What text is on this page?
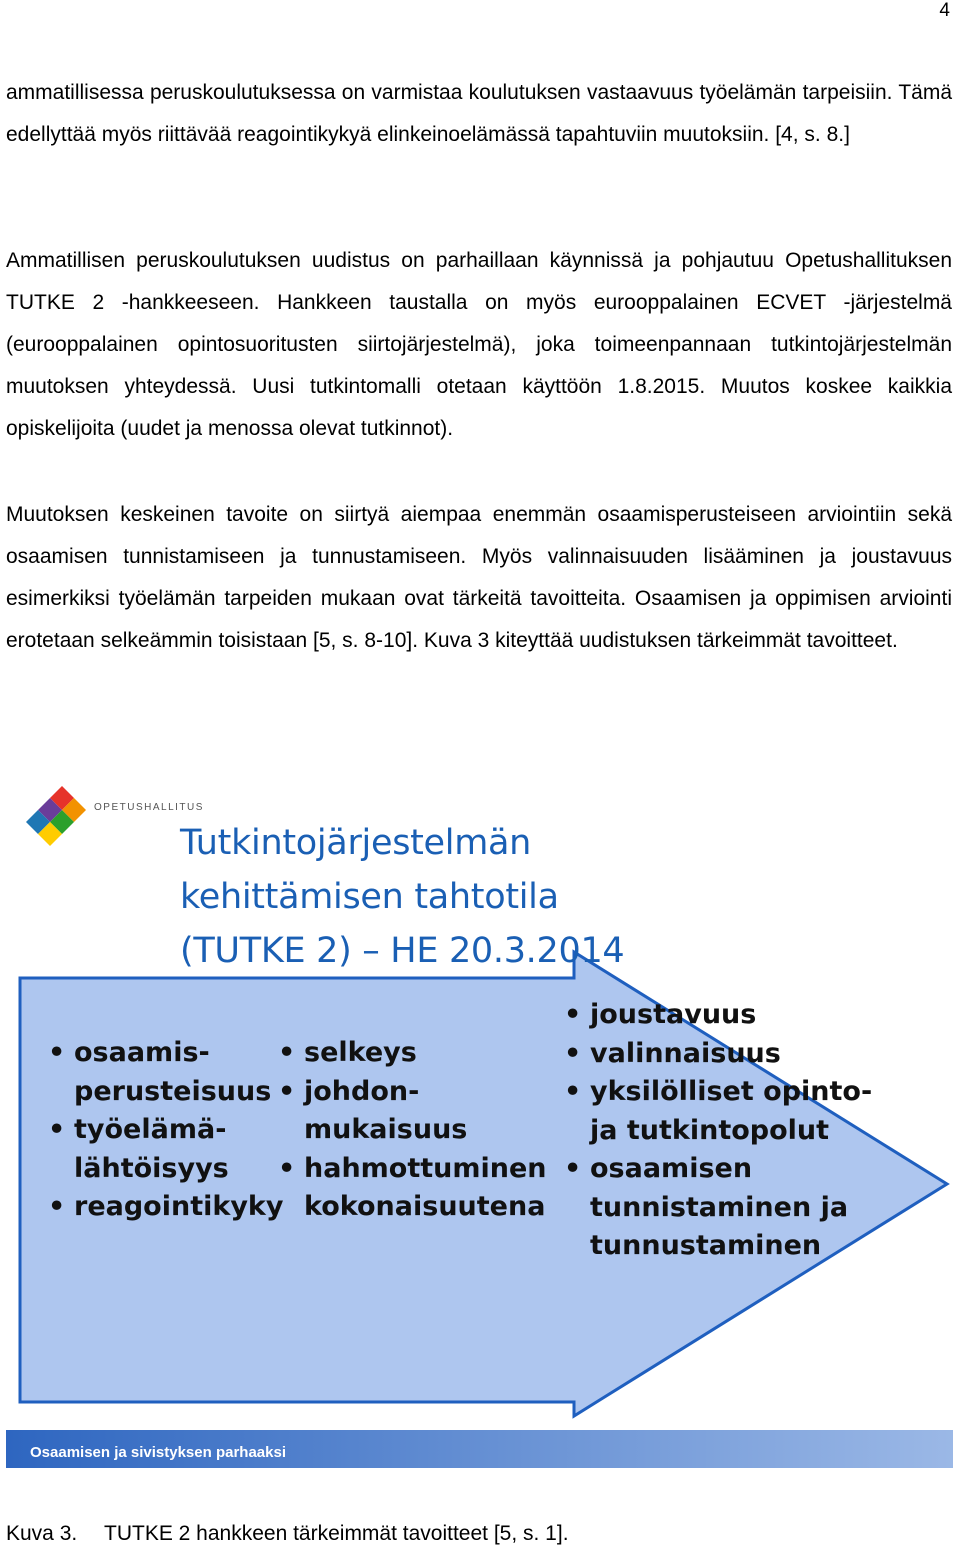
4

ammatillisessa peruskoulutuksessa on varmistaa koulutuksen vastaavuus työelämän tarpeisiin. Tämä edellyttää myös riittävää reagointikykyä elinkeinoelämässä tapahtuviin muutoksiin. [4, s. 8.]

Ammatillisen peruskoulutuksen uudistus on parhaillaan käynnissä ja pohjautuu Opetushallituksen TUTKE 2 -hankkeeseen. Hankkeen taustalla on myös eurooppalainen ECVET -järjestelmä (eurooppalainen opintosuoritusten siirtojärjestelmä), joka toimeenpannaan tutkintojärjestelmän muutoksen yhteydessä. Uusi tutkintomalli otetaan käyttöön 1.8.2015. Muutos koskee kaikkia opiskelijoita (uudet ja menossa olevat tutkinnot).

Muutoksen keskeinen tavoite on siirtyä aiempaa enemmän osaamisperusteiseen arviointiin sekä osaamisen tunnistamiseen ja tunnustamiseen. Myös valinnaisuuden lisääminen ja joustavuus esimerkiksi työelämän tarpeiden mukaan ovat tärkeitä tavoitteita. Osaamisen ja oppimisen arviointi erotetaan selkeämmin toisistaan [5, s. 8-10]. Kuva 3 kiteyttää uudistuksen tärkeimmät tavoitteet.

OPETUSHALLITUS
Tutkintojärjestelmän
kehittämisen tahtotila
(TUTKE 2) – HE 20.3.2014
• osaamis-
perusteisuus
• työelämä-
lähtöisyys
• reagointikyky
• selkeys
• johdon-
mukaisuus
• hahmottuminen
kokonaisuutena
• joustavuus
• valinnaisuus
• yksilölliset opinto-
ja tutkintopolut
• osaamisen
tunnistaminen ja
tunnustaminen
Osaamisen ja sivistyksen parhaaksi

Kuva 3. TUTKE 2 hankkeen tärkeimmät tavoitteet [5, s. 1].
